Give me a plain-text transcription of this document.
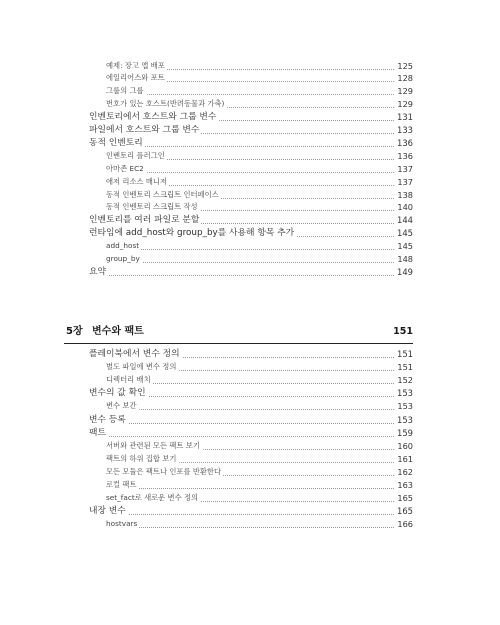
예제: 장고 앱 배포	125
에일리어스와 포트	128
그룹의 그룹	129
번호가 있는 호스트(반려동물과 가축)	129
인벤토리에서 호스트와 그룹 변수	131
파일에서 호스트와 그룹 변수	133
동적 인벤토리	136
인벤토리 플러그인	136
아마존 EC2	137
애저 리소스 매니저	137
동적 인벤토리 스크립트 인터페이스	138
동적 인벤토리 스크립트 작성	140
인벤토리를 여러 파일로 분할	144
런타임에 add_host와 group_by를 사용해 항목 추가	145
add_host	145
group_by	148
요약	149
5장 변수와 팩트	151
플레이북에서 변수 정의	151
별도 파일에 변수 정의	151
디렉터리 배치	152
변수의 값 확인	153
변수 보간	153
변수 등록	153
팩트	159
서버와 관련된 모든 팩트 보기	160
팩트의 하위 집합 보기	161
모든 모듈은 팩트나 인포를 반환한다	162
로컬 팩트	163
set_fact로 새로운 변수 정의	165
내장 변수	165
hostvars	166
